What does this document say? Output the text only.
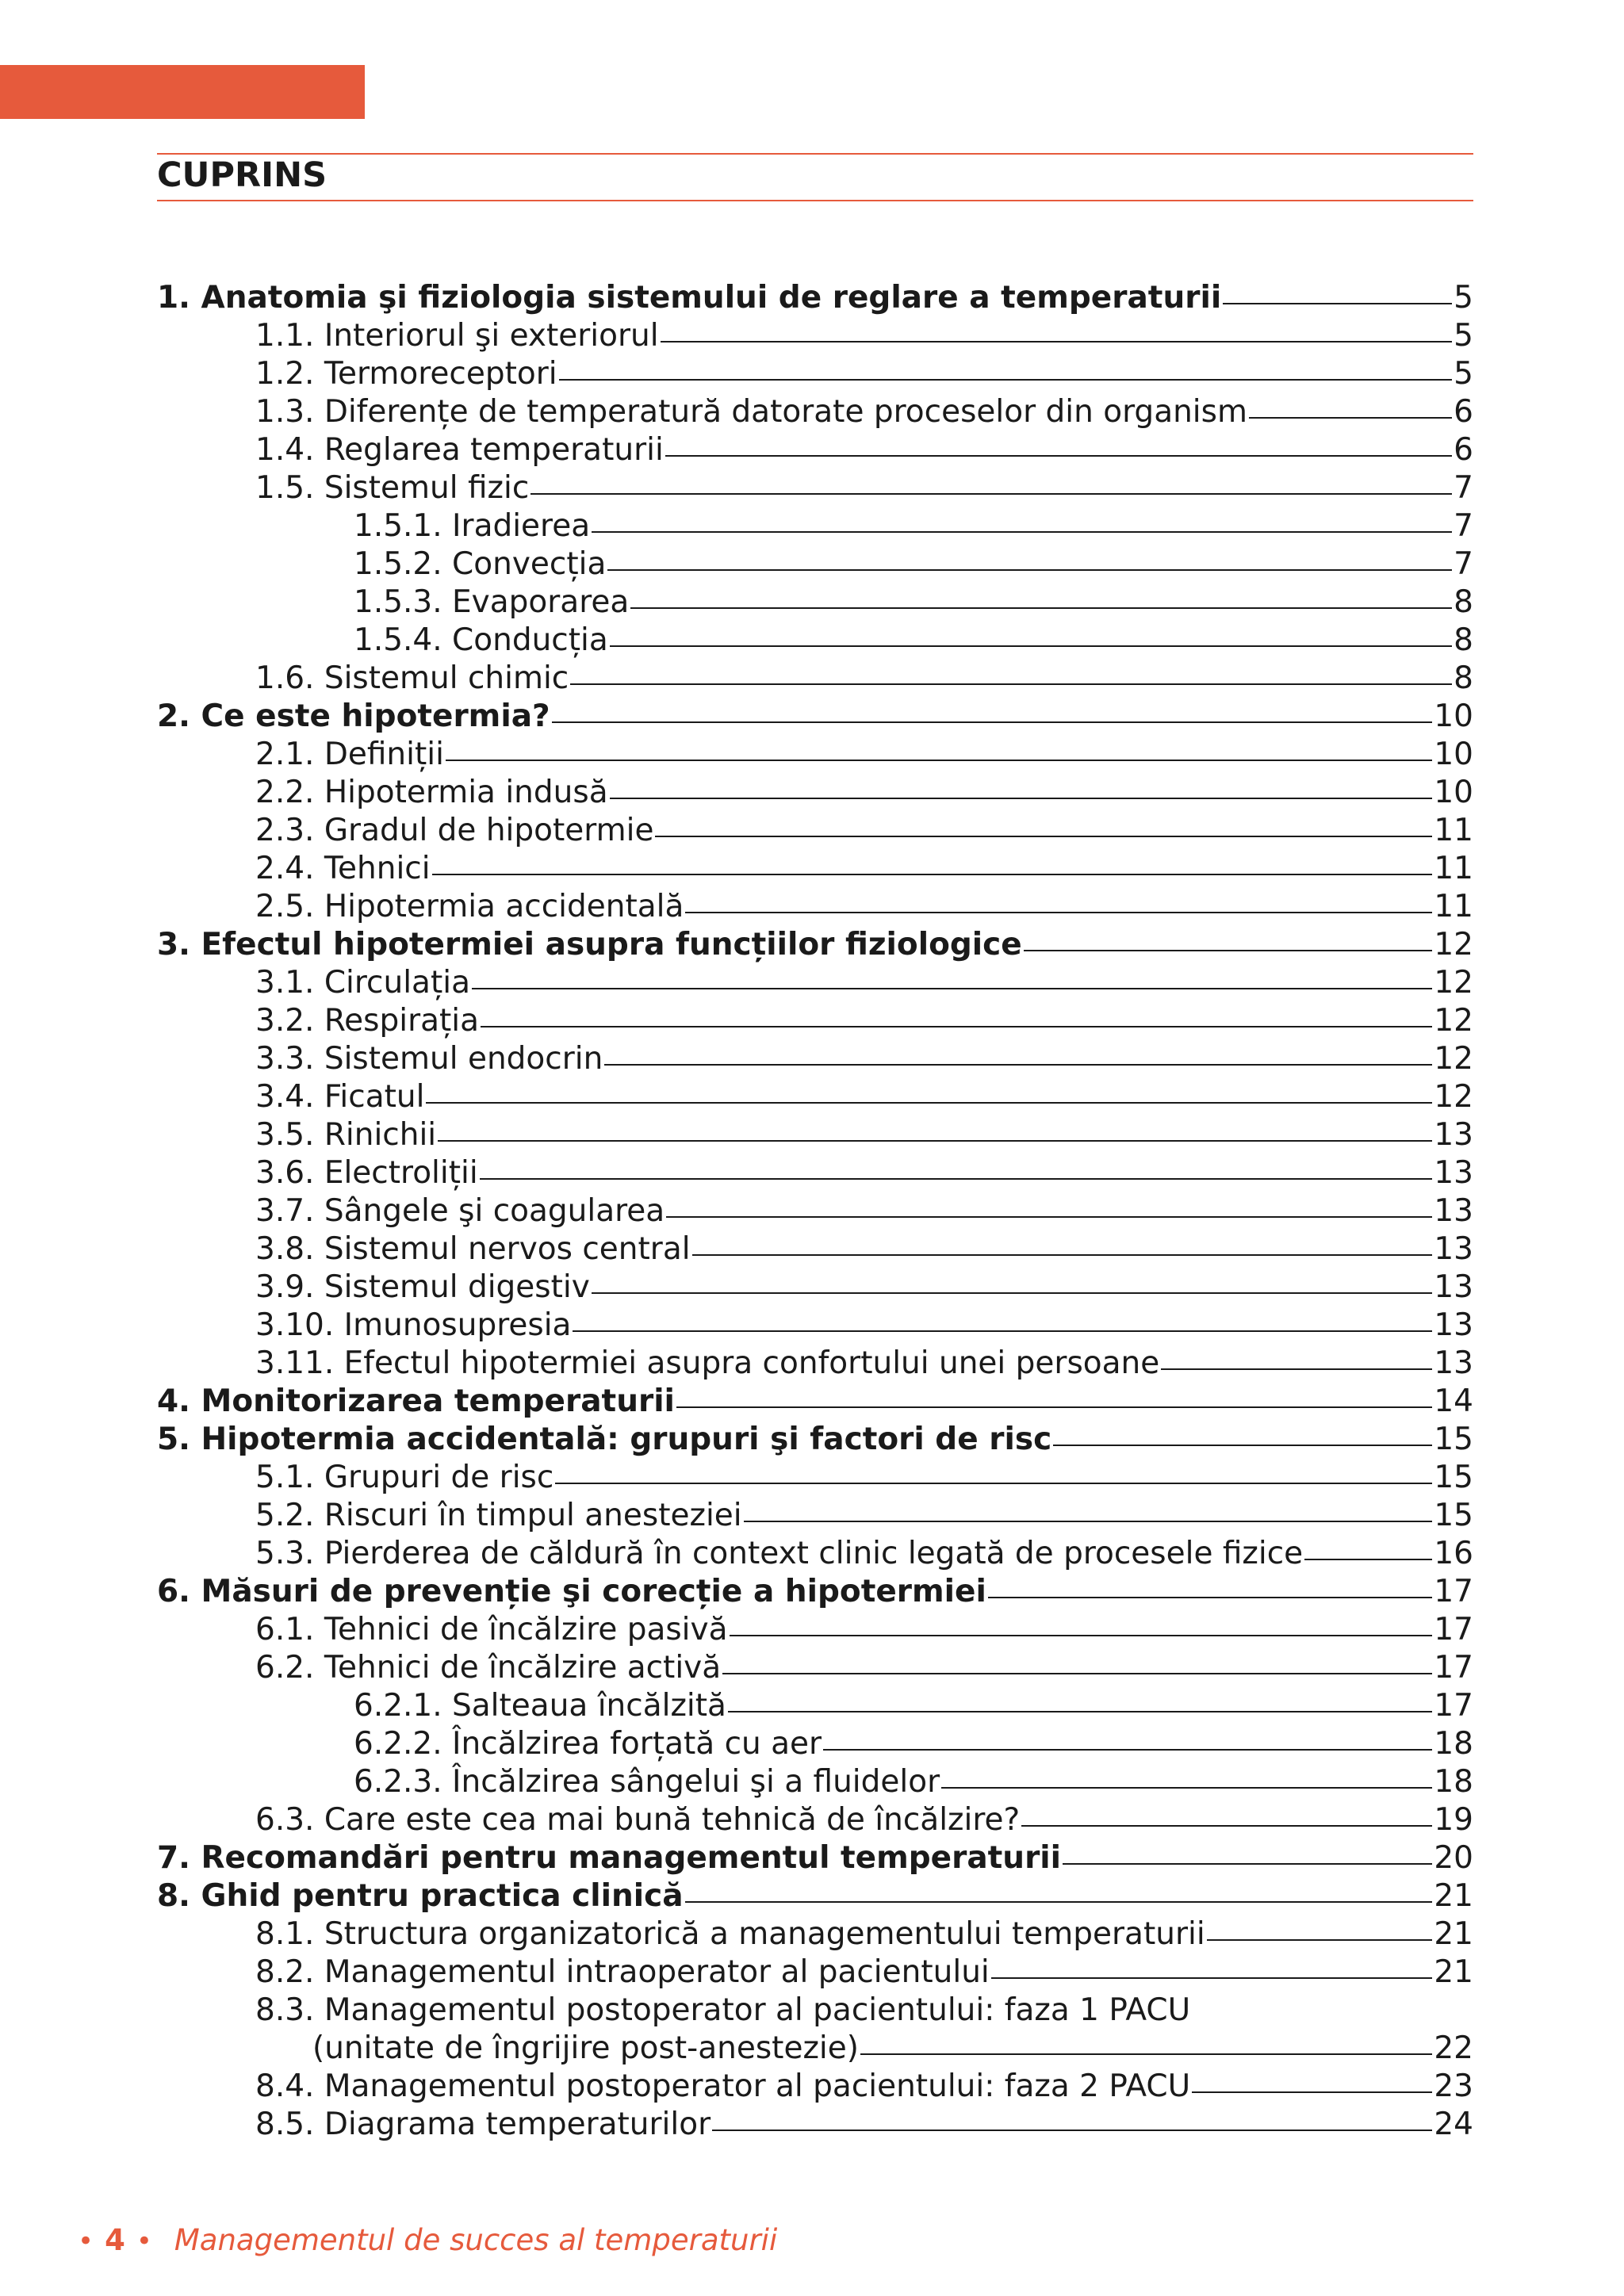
CUPRINS
1. Anatomia şi fiziologia sistemului de reglare a temperaturii	5
1.1. Interiorul şi exteriorul	5
1.2. Termoreceptori	5
1.3. Diferențe de temperatură datorate proceselor din organism	6
1.4. Reglarea temperaturii	6
1.5. Sistemul fizic	7
1.5.1. Iradierea	7
1.5.2. Convecția	7
1.5.3. Evaporarea	8
1.5.4. Conducția	8
1.6. Sistemul chimic	8
2. Ce este hipotermia?	10
2.1. Definiții	10
2.2. Hipotermia indusă	10
2.3. Gradul de hipotermie	11
2.4. Tehnici	11
2.5. Hipotermia accidentală	11
3. Efectul hipotermiei asupra funcțiilor fiziologice	12
3.1. Circulația	12
3.2. Respirația	12
3.3. Sistemul endocrin	12
3.4. Ficatul	12
3.5. Rinichii	13
3.6. Electroliții	13
3.7. Sângele şi coagularea	13
3.8. Sistemul nervos central	13
3.9. Sistemul digestiv	13
3.10. Imunosupresia	13
3.11. Efectul hipotermiei asupra confortului unei persoane	13
4. Monitorizarea temperaturii	14
5. Hipotermia accidentală: grupuri şi factori de risc	15
5.1. Grupuri de risc	15
5.2. Riscuri în timpul anesteziei	15
5.3. Pierderea de căldură în context clinic legată de procesele fizice	16
6. Măsuri de prevenție şi corecție a hipotermiei	17
6.1. Tehnici de încălzire pasivă	17
6.2. Tehnici de încălzire activă	17
6.2.1. Salteaua încălzită	17
6.2.2. Încălzirea forțată cu aer	18
6.2.3. Încălzirea sângelui şi a fluidelor	18
6.3. Care este cea mai bună tehnică de încălzire?	19
7. Recomandări pentru managementul temperaturii	20
8. Ghid pentru practica clinică	21
8.1. Structura organizatorică a managementului temperaturii	21
8.2. Managementul intraoperator al pacientului	21
8.3. Managementul postoperator al pacientului: faza 1 PACU
(unitate de îngrijire post-anestezie)	22
8.4. Managementul postoperator al pacientului: faza 2 PACU	23
8.5. Diagrama temperaturilor	24
• 4 • Managementul de succes al temperaturii
